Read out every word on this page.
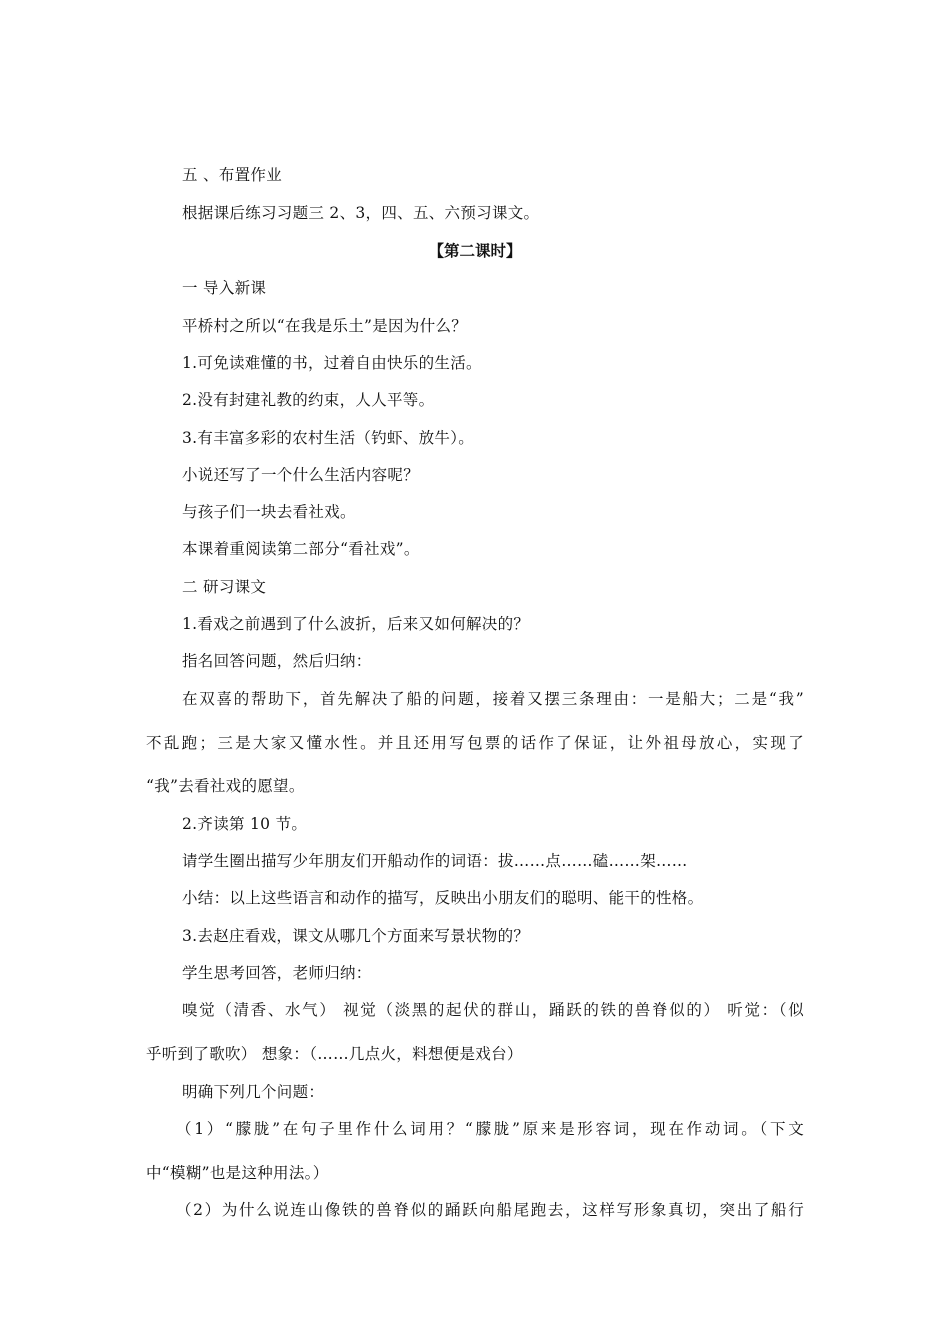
五 、布置作业
根据课后练习习题三 2、3，四、五、六预习课文。
【第二课时】
一 导入新课
平桥村之所以“在我是乐土”是因为什么？
1.可免读难懂的书，过着自由快乐的生活。
2.没有封建礼教的约束，人人平等。
3.有丰富多彩的农村生活（钓虾、放牛）。
小说还写了一个什么生活内容呢？
与孩子们一块去看社戏。
本课着重阅读第二部分“看社戏”。
二 研习课文
1.看戏之前遇到了什么波折，后来又如何解决的？
指名回答问题，然后归纳：
在双喜的帮助下，首先解决了船的问题，接着又摆三条理由：一是船大；二是“我”
不乱跑；三是大家又懂水性。并且还用写包票的话作了保证，让外祖母放心，实现了
“我”去看社戏的愿望。
2.齐读第 10 节。
请学生圈出描写少年朋友们开船动作的词语：拔……点……磕……架……
小结：以上这些语言和动作的描写，反映出小朋友们的聪明、能干的性格。
3.去赵庄看戏，课文从哪几个方面来写景状物的？
学生思考回答，老师归纳：
嗅觉（清香、水气） 视觉（淡黑的起伏的群山，踊跃的铁的兽脊似的） 听觉：（似
乎听到了歌吹） 想象：（……几点火，料想便是戏台）
明确下列几个问题：
（1）“朦胧”在句子里作什么词用？“朦胧”原来是形容词，现在作动词。（下文
中“模糊”也是这种用法。）
（2）为什么说连山像铁的兽脊似的踊跃向船尾跑去，这样写形象真切，突出了船行
